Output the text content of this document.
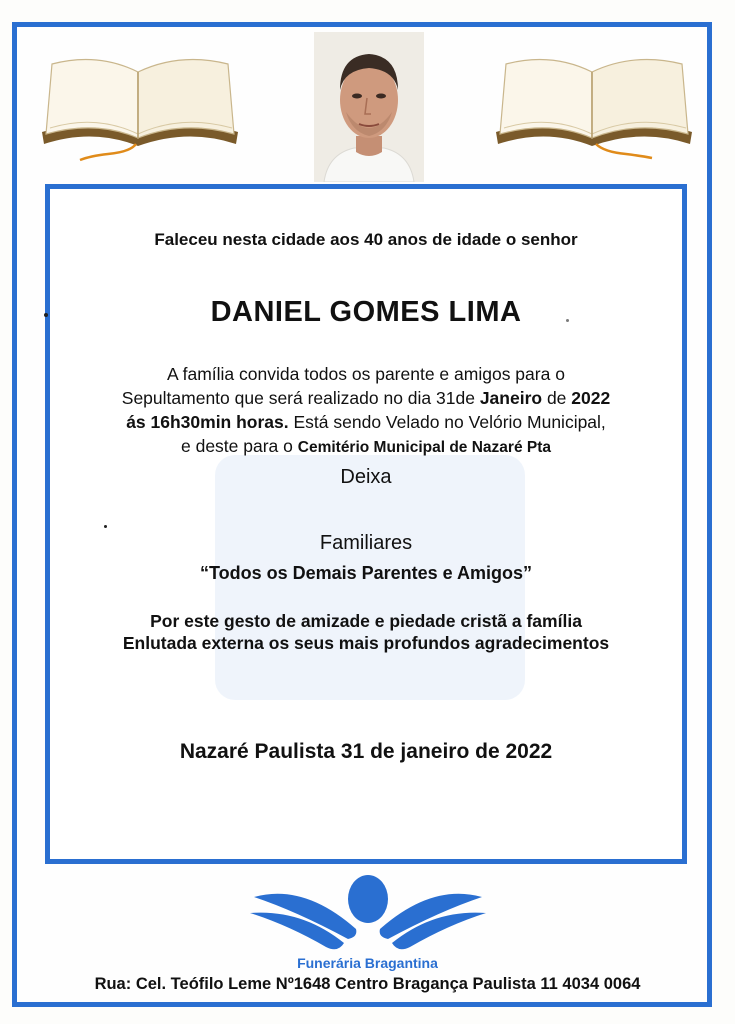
Faleceu nesta cidade aos 40 anos de idade o senhor
DANIEL GOMES LIMA
A família convida todos os parente e amigos para o
Sepultamento que será realizado no dia 31de Janeiro de 2022
ás 16h30min horas. Está sendo Velado no Velório Municipal,
e deste para o Cemitério Municipal de Nazaré Pta
Deixa
Familiares
“Todos os Demais Parentes e Amigos”
Por este gesto de amizade e piedade cristã a família
Enlutada externa os seus mais profundos agradecimentos
Nazaré Paulista 31 de janeiro de 2022
Funerária Bragantina
Rua: Cel. Teófilo Leme Nº1648 Centro Bragança Paulista 11 4034 0064
